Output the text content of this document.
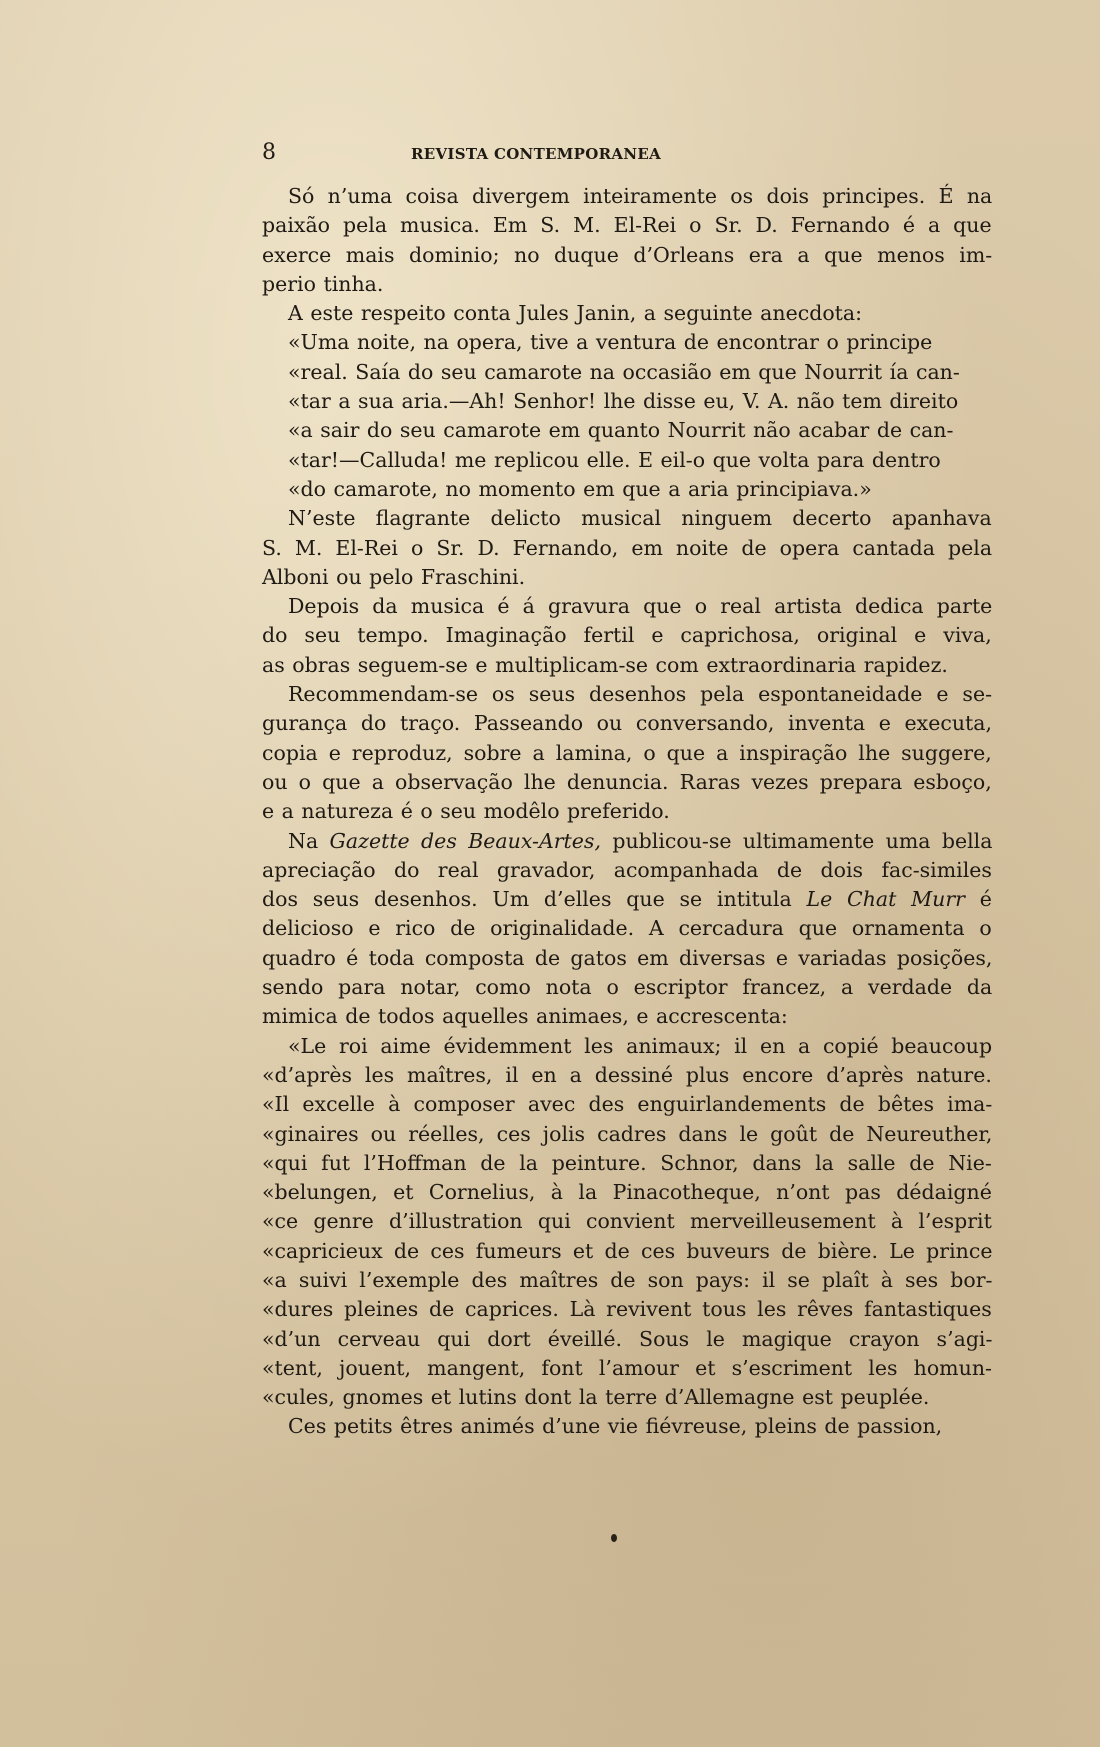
8	REVISTA CONTEMPORANEA
Só n’uma coisa divergem inteiramente os dois principes. É na
paixão pela musica. Em S. M. El-Rei o Sr. D. Fernando é a que
exerce mais dominio; no duque d’Orleans era a que menos im-
perio tinha.
A este respeito conta Jules Janin, a seguinte anecdota:
«Uma noite, na opera, tive a ventura de encontrar o principe
«real. Saía do seu camarote na occasião em que Nourrit ía can-
«tar a sua aria.—Ah! Senhor! lhe disse eu, V. A. não tem direito
«a sair do seu camarote em quanto Nourrit não acabar de can-
«tar!—Calluda! me replicou elle. E eil-o que volta para dentro
«do camarote, no momento em que a aria principiava.»
N’este flagrante delicto musical ninguem decerto apanhava
S. M. El-Rei o Sr. D. Fernando, em noite de opera cantada pela
Alboni ou pelo Fraschini.
Depois da musica é á gravura que o real artista dedica parte
do seu tempo. Imaginação fertil e caprichosa, original e viva,
as obras seguem-se e multiplicam-se com extraordinaria rapidez.
Recommendam-se os seus desenhos pela espontaneidade e se-
gurança do traço. Passeando ou conversando, inventa e executa,
copia e reproduz, sobre a lamina, o que a inspiração lhe suggere,
ou o que a observação lhe denuncia. Raras vezes prepara esboço,
e a natureza é o seu modêlo preferido.
Na Gazette des Beaux-Artes, publicou-se ultimamente uma bella
apreciação do real gravador, acompanhada de dois fac-similes
dos seus desenhos. Um d’elles que se intitula Le Chat Murr é
delicioso e rico de originalidade. A cercadura que ornamenta o
quadro é toda composta de gatos em diversas e variadas posições,
sendo para notar, como nota o escriptor francez, a verdade da
mimica de todos aquelles animaes, e accrescenta:
«Le roi aime évidemment les animaux; il en a copié beaucoup
«d’après les maîtres, il en a dessiné plus encore d’après nature.
«Il excelle à composer avec des enguirlandements de bêtes ima-
«ginaires ou réelles, ces jolis cadres dans le goût de Neureuther,
«qui fut l’Hoffman de la peinture. Schnor, dans la salle de Nie-
«belungen, et Cornelius, à la Pinacotheque, n’ont pas dédaigné
«ce genre d’illustration qui convient merveilleusement à l’esprit
«capricieux de ces fumeurs et de ces buveurs de bière. Le prince
«a suivi l’exemple des maîtres de son pays: il se plaît à ses bor-
«dures pleines de caprices. Là revivent tous les rêves fantastiques
«d’un cerveau qui dort éveillé. Sous le magique crayon s’agi-
«tent, jouent, mangent, font l’amour et s’escriment les homun-
«cules, gnomes et lutins dont la terre d’Allemagne est peuplée.
Ces petits êtres animés d’une vie fiévreuse, pleins de passion,
